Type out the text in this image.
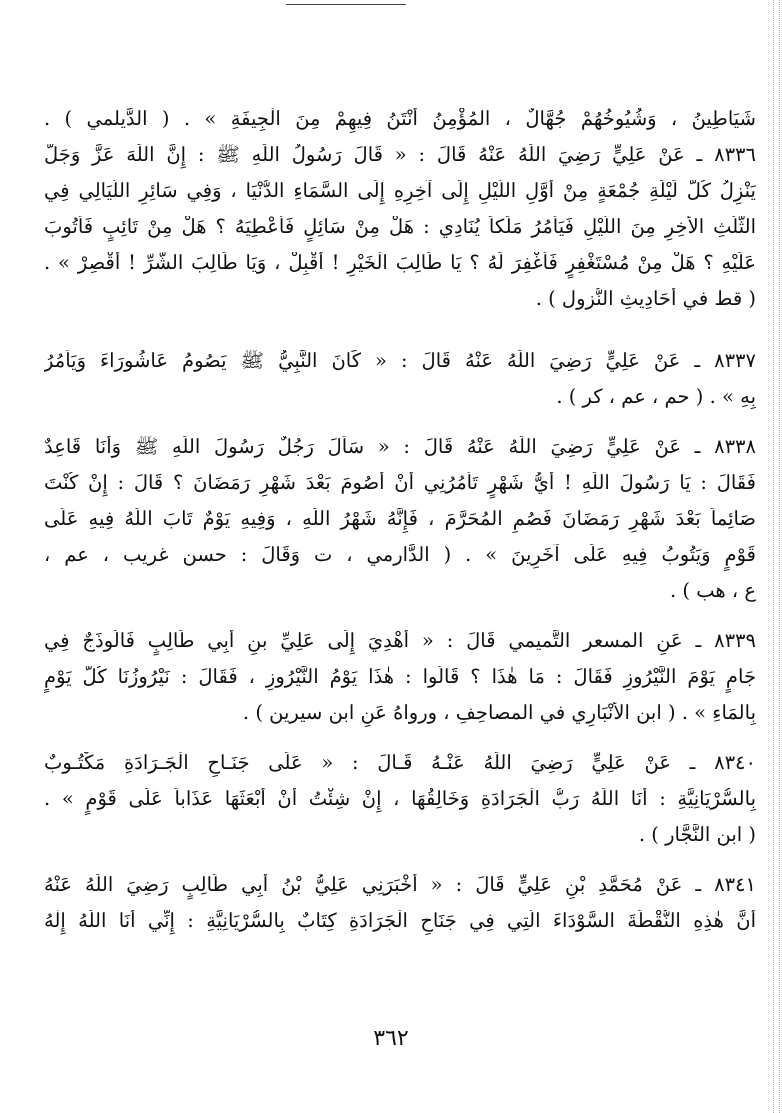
شَيَاطِينُ ، وَشُيُوخُهُمْ جُهَّالٌ ، المُؤْمِنُ أَنْتَنُ فِيهِمْ مِنَ الْجِيفَةِ » . ( الدَّيلمي ) .
٨٣٣٦ ـ عَنْ عَلِيٍّ رَضِيَ اللّٰهُ عَنْهُ قَالَ : « قَالَ رَسُولُ اللّٰهِ ﷺ : إِنَّ اللّٰهَ عَزَّ وَجَلَّ
يَنْزِلُ كُلَّ لَيْلَةِ جُمْعَةٍ مِنْ أَوَّلِ اللَّيْلِ إِلَى آخِرِهِ إِلَى السَّمَاءِ الدُّنْيَا ، وَفِي سَائِرِ اللَّيَالِي فِي
الثُّلُثِ الأَخِرِ مِنَ اللَّيْلِ فَيَأْمُرُ مَلَكاً يُنَادِي : هَلْ مِنْ سَائِلٍ فَأُعْطِيَهُ ؟ هَلْ مِنْ تَائِبٍ فَأَتُوبَ
عَلَيْهِ ؟ هَلْ مِنْ مُسْتَغْفِرٍ فَأَغْفِرَ لَهُ ؟ يَا طَالِبَ الْخَيْرِ ! أَقْبِلْ ، وَيَا طَالِبَ الشَّرِّ ! أَقْصِرْ » .
( قط في أَحَادِيثِ النُّزول ) .
٨٣٣٧ ـ عَنْ عَلِيٍّ رَضِيَ اللّٰهُ عَنْهُ قَالَ : « كَانَ النَّبِيُّ ﷺ يَصُومُ عَاشُورَاءَ وَيَأْمُرُ
بِهِ » . ( حم ، عم ، كر ) .
٨٣٣٨ ـ عَنْ عَلِيٍّ رَضِيَ اللّٰهُ عَنْهُ قَالَ : « سَأَلَ رَجُلٌ رَسُولَ اللّٰهِ ﷺ وَأَنَا قَاعِدٌ
فَقَالَ : يَا رَسُولَ اللّٰهِ ! أَيُّ شَهْرٍ تَأْمُرُنِي أَنْ أَصُومَ بَعْدَ شَهْرِ رَمَضَانَ ؟ قَالَ : إِنْ كُنْتَ
صَائِماً بَعْدَ شَهْرِ رَمَضَانَ فَصُمِ المُحَرَّمَ ، فَإِنَّهُ شَهْرُ اللّٰهِ ، وَفِيهِ يَوْمٌ تَابَ اللّٰهُ فِيهِ عَلَى
قَوْمٍ وَيَتُوبُ فِيهِ عَلَى آخَرِينَ » . ( الدَّارمي ، ت وَقَالَ : حسن غريب ، عم ،
ع ، هب ) .
٨٣٣٩ ـ عَنِ المسعر التَّميمي قَالَ : « أُهْدِيَ إِلَى عَلِيِّ بنِ أَبِي طَالِبٍ فَالُوذَجٌ فِي
جَامٍ يَوْمَ النَّيْرُوزِ فَقَالَ : مَا هٰذَا ؟ قَالُوا : هٰذَا يَوْمُ النَّيْرُوزِ ، فَقَالَ : نَيْرُوزُنَا كُلَّ يَوْمٍ
بِالمَاءِ » . ( ابن الأَنْبَارِي في المصاحِفِ ، ورواهُ عَنِ ابن سيرين ) .
٨٣٤٠ ـ عَنْ عَلِيٍّ رَضِيَ اللّٰهُ عَنْـهُ قَـالَ : « عَلَى جَنَـاحِ الْجَـرَادَةِ مَكْتُـوبٌ
بِالسُّرْيَانِيَّةِ : أَنَا اللّٰهُ رَبُّ الْجَرَادَةِ وَخَالِقُهَا ، إِنْ شِئْتُ أَنْ أَبْعَثَهَا عَذَاباً عَلَى قَوْمٍ » .
( ابن النَّجَّار ) .
٨٣٤١ ـ عَنْ مُحَمَّدِ بْنِ عَلِيٍّ قَالَ : « أَخْبَرَنِي عَلِيُّ بْنُ أَبِي طَالِبٍ رَضِيَ اللّٰهُ عَنْهُ
أَنَّ هٰذِهِ النُّقْطَةَ السَّوْدَاءَ الَّتِي فِي جَنَاحِ الْجَرَادَةِ كِتَابٌ بِالسُّرْيَانِيَّةِ : إِنِّي أَنَا اللّٰهُ إِلٰهُ
٣٦٢
